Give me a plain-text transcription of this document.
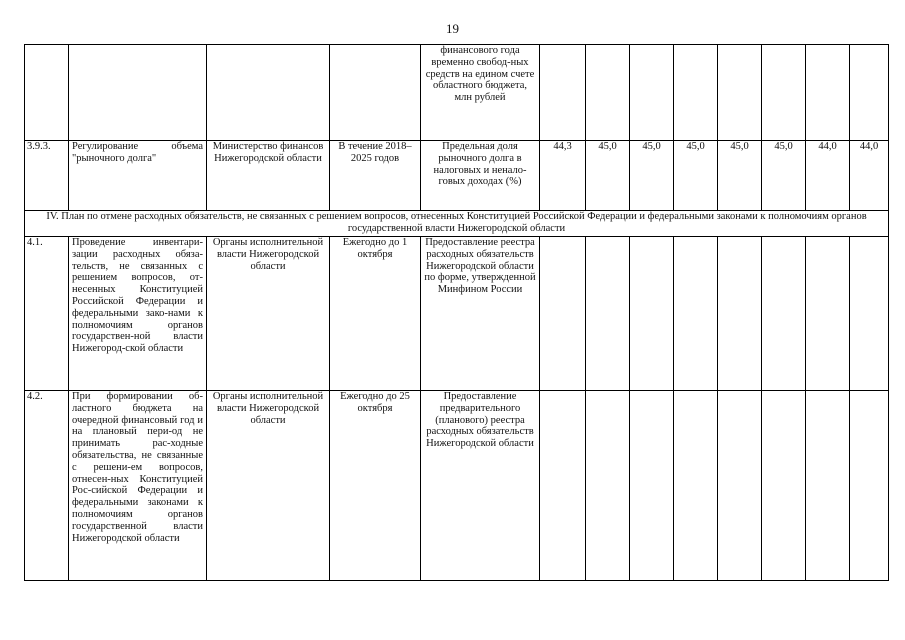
19
				финансового года временно свобод-ных средств на едином счете областного бюджета, млн рублей								
3.9.3.	Регулирование объема "рыночного долга"	Министерство финансов Нижегородской области	В течение 2018–2025 годов	Предельная доля рыночного долга в налоговых и ненало-говых доходах (%)	44,3	45,0	45,0	45,0	45,0	45,0	44,0	44,0
IV. План по отмене расходных обязательств, не связанных с решением вопросов, отнесенных Конституцией Российской Федерации и федеральными законами к полномочиям органов государственной власти Нижегородской области												
4.1.	Проведение инвентари-зации расходных обяза-тельств, не связанных с решением вопросов, от-несенных Конституцией Российской Федерации и федеральными зако-нами к полномочиям органов государствен-ной власти Нижегород-ской области	Органы исполнительной власти Нижегородской области	Ежегодно до 1 октября	Предоставление реестра расходных обязательств Нижегородской области по форме, утвержденной Минфином России								
4.2.	При формировании об-ластного бюджета на очередной финансовый год и на плановый пери-од не принимать рас-ходные обязательства, не связанные с решени-ем вопросов, отнесен-ных Конституцией Рос-сийской Федерации и федеральными законами к полномочиям органов государственной власти Нижегородской области	Органы исполнительной власти Нижегородской области	Ежегодно до 25 октября	Предоставление предварительного (планового) реестра расходных обязательств Нижегородской области								
